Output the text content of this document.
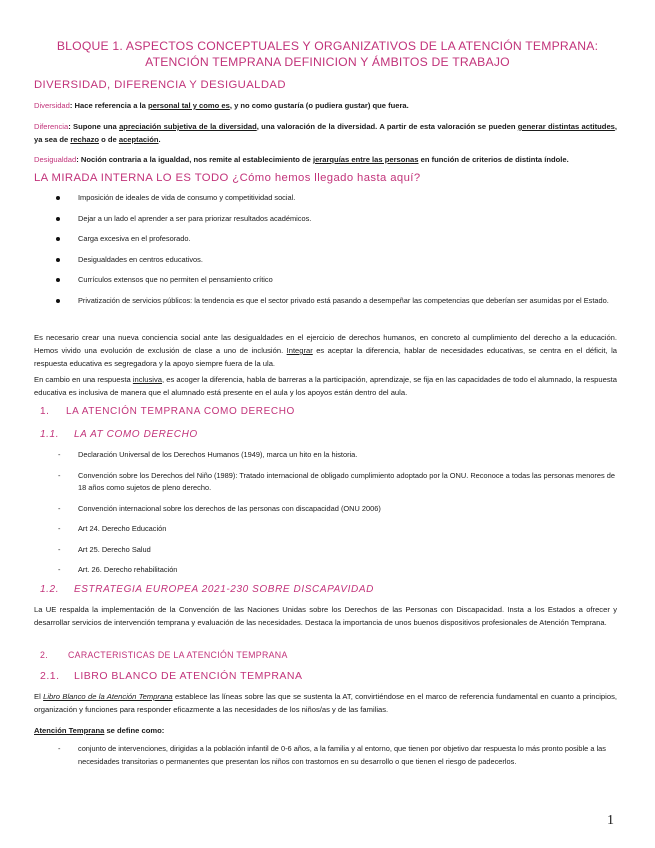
BLOQUE 1. ASPECTOS CONCEPTUALES Y ORGANIZATIVOS DE LA ATENCIÓN TEMPRANA: ATENCIÓN TEMPRANA DEFINICION Y ÁMBITOS DE TRABAJO
DIVERSIDAD, DIFERENCIA Y DESIGUALDAD
Diversidad: Hace referencia a la personal tal y como es, y no como gustaría (o pudiera gustar) que fuera.
Diferencia: Supone una apreciación subjetiva de la diversidad, una valoración de la diversidad. A partir de esta valoración se pueden generar distintas actitudes, ya sea de rechazo o de aceptación.
Desigualdad: Noción contraria a la igualdad, nos remite al establecimiento de jerarquías entre las personas en función de criterios de distinta índole.
LA MIRADA INTERNA LO ES TODO ¿Cómo hemos llegado hasta aquí?
Imposición de ideales de vida de consumo y competitividad social.
Dejar a un lado el aprender a ser para priorizar resultados académicos.
Carga excesiva en el profesorado.
Desigualdades en centros educativos.
Currículos extensos que no permiten el pensamiento crítico
Privatización de servicios públicos: la tendencia es que el sector privado está pasando a desempeñar las competencias que deberían ser asumidas por el Estado.
Es necesario crear una nueva conciencia social ante las desigualdades en el ejercicio de derechos humanos, en concreto al cumplimiento del derecho a la educación. Hemos vivido una evolución de exclusión de clase a uno de inclusión. Integrar es aceptar la diferencia, hablar de necesidades educativas, se centra en el déficit, la respuesta educativa es segregadora y la apoyo siempre fuera de la ula.
En cambio en una respuesta inclusiva, es acoger la diferencia, habla de barreras a la participación, aprendizaje, se fija en las capacidades de todo el alumnado, la respuesta educativa es inclusiva de manera que el alumnado está presente en el aula y los apoyos están dentro del aula.
1. LA ATENCIÓN TEMPRANA COMO DERECHO
1.1. LA AT COMO DERECHO
- Declaración Universal de los Derechos Humanos (1949), marca un hito en la historia.
- Convención sobre los Derechos del Niño (1989): Tratado internacional de obligado cumplimiento adoptado por la ONU. Reconoce a todas las personas menores de 18 años como sujetos de pleno derecho.
- Convención internacional sobre los derechos de las personas con discapacidad (ONU 2006)
- Art 24. Derecho Educación
- Art 25. Derecho Salud
- Art. 26. Derecho rehabilitación
1.2. ESTRATEGIA EUROPEA 2021-230 SOBRE DISCAPAVIDAD
La UE respalda la implementación de la Convención de las Naciones Unidas sobre los Derechos de las Personas con Discapacidad. Insta a los Estados a ofrecer y desarrollar servicios de intervención temprana y evaluación de las necesidades. Destaca la importancia de unos buenos dispositivos profesionales de Atención Temprana.
2. CARACTERISTICAS DE LA ATENCIÓN TEMPRANA
2.1. LIBRO BLANCO DE ATENCIÓN TEMPRANA
El Libro Blanco de la Atención Temprana establece las líneas sobre las que se sustenta la AT, convirtiéndose en el marco de referencia fundamental en cuanto a principios, organización y funciones para responder eficazmente a las necesidades de los niños/as y de las familias.
Atención Temprana se define como:
- conjunto de intervenciones, dirigidas a la población infantil de 0-6 años, a la familia y al entorno, que tienen por objetivo dar respuesta lo más pronto posible a las necesidades transitorias o permanentes que presentan los niños con trastornos en su desarrollo o que tienen el riesgo de padecerlos.
1
